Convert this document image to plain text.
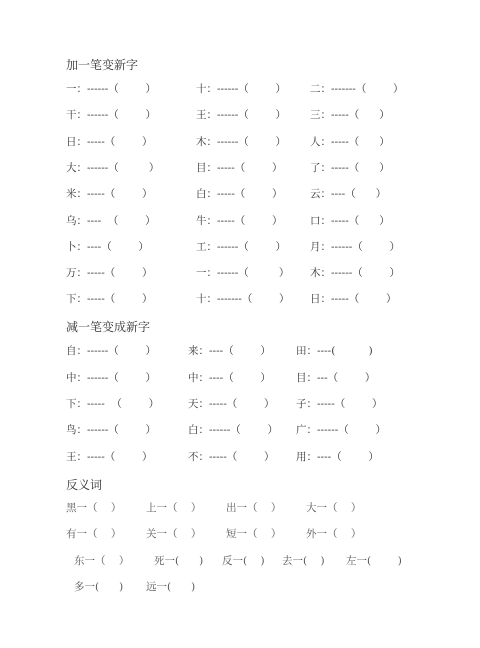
加一笔变新字
一：------（        ）	十：------（        ） 二：-------（        ）
干：------（        ）	王：------（        ） 三：-----（      ）
日：-----（        ）	木：------（        ） 人：-----（      ）
大：------（         ）	目：-----（        ）	了：-----（      ）
米：-----（        ）	白：-----（        ）	云：----（      ）
乌：----  （        ）	牛：-----（        ）	口：-----（      ）
卜：----（        ）	工：------（        ） 月：------（        ）
万：-----（        ）	一：------（         ） 木：------（        ）
下：-----（        ）	十：-------（        ） 日：-----（        ）
减一笔变成新字
自：------（        ）	来：----（        ） 田：----(          )
中：------（        ）	中：----（        ） 目：---（        ）
下：-----  （        ）	天：-----（        ） 子：-----（        ）
鸟：------（        ）	白：------（        ） 广：------（        ）
王：-----（        ）	不：-----（        ） 用：----（        ）
反义词
黑一（    ） 上一（    ） 出一（    ） 大一（    ）
有一（    ） 关一（    ） 短一（    ） 外一（    ）
东一（    ） 死一(      ) 反一(    ) 去一(    ) 左一(        )
多一(      ) 远一(      )
